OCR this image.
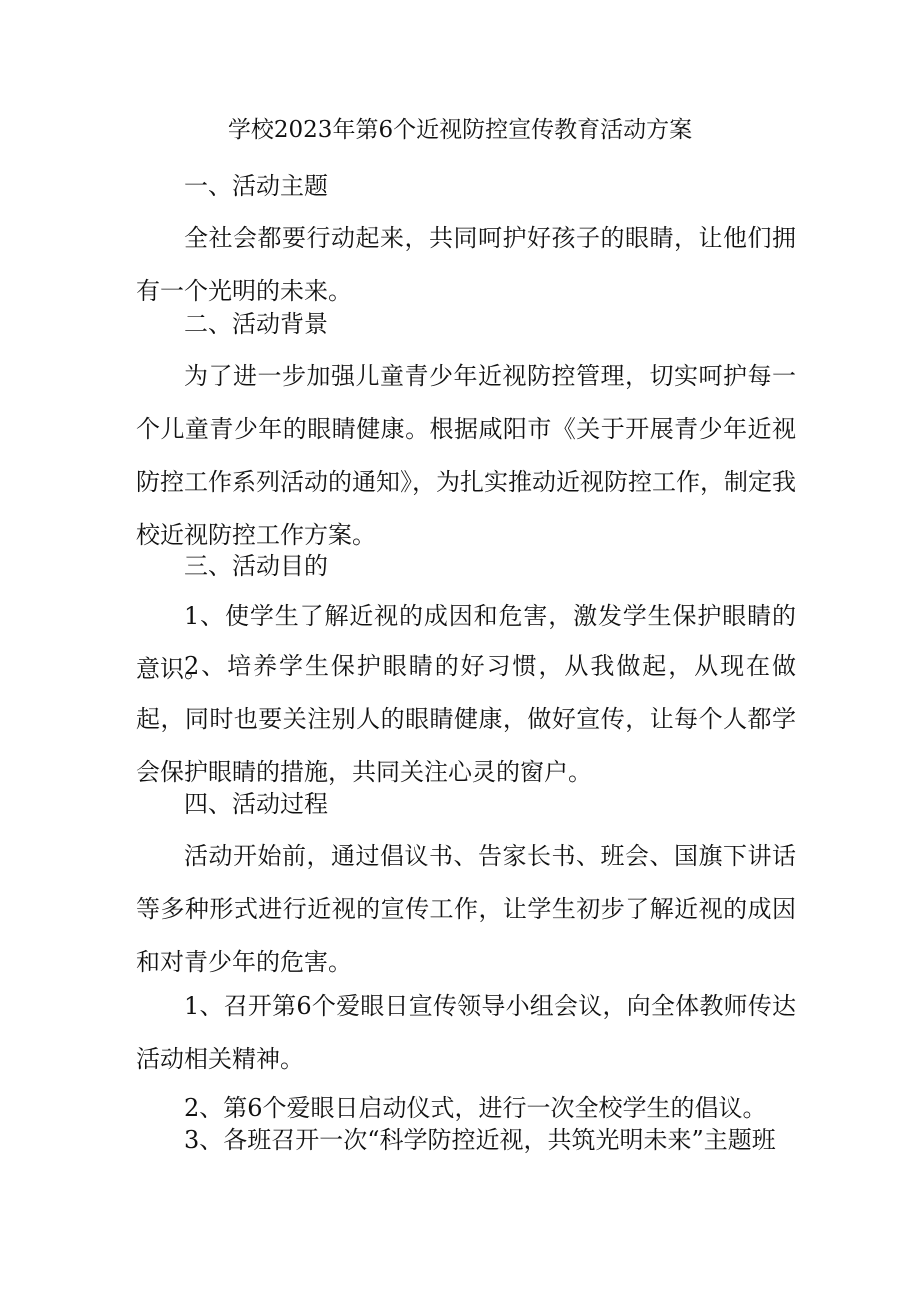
学校2023年第6个近视防控宣传教育活动方案

一、活动主题

全社会都要行动起来，共同呵护好孩子的眼睛，让他们拥有一个光明的未来。

二、活动背景

为了进一步加强儿童青少年近视防控管理，切实呵护每一个儿童青少年的眼睛健康。根据咸阳市《关于开展青少年近视防控工作系列活动的通知》，为扎实推动近视防控工作，制定我校近视防控工作方案。

三、活动目的

1、使学生了解近视的成因和危害，激发学生保护眼睛的意识。

2、培养学生保护眼睛的好习惯，从我做起，从现在做起，同时也要关注别人的眼睛健康，做好宣传，让每个人都学会保护眼睛的措施，共同关注心灵的窗户。

四、活动过程

活动开始前，通过倡议书、告家长书、班会、国旗下讲话等多种形式进行近视的宣传工作，让学生初步了解近视的成因和对青少年的危害。

1、召开第6个爱眼日宣传领导小组会议，向全体教师传达活动相关精神。

2、第6个爱眼日启动仪式，进行一次全校学生的倡议。

3、各班召开一次“科学防控近视，共筑光明未来”主题班
